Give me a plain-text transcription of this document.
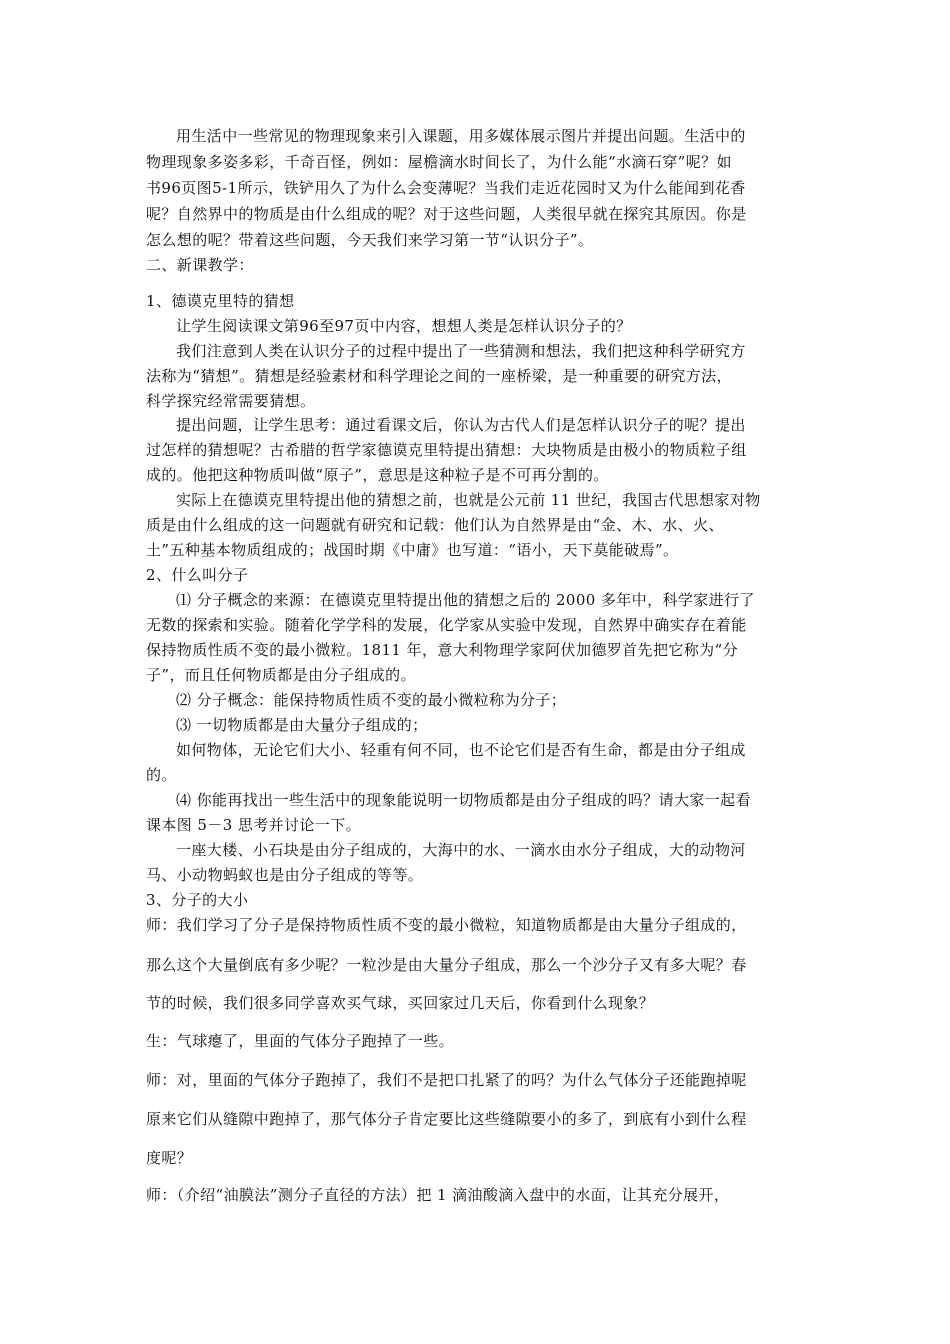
用生活中一些常见的物理现象来引入课题，用多媒体展示图片并提出问题。生活中的
物理现象多姿多彩，千奇百怪，例如：屋檐滴水时间长了，为什么能“水滴石穿”呢？如
书96页图5-1所示，铁铲用久了为什么会变薄呢？当我们走近花园时又为什么能闻到花香
呢？自然界中的物质是由什么组成的呢？对于这些问题，人类很早就在探究其原因。你是
怎么想的呢？带着这些问题，今天我们来学习第一节“认识分子”。
二、新课教学：
1、德谟克里特的猜想
让学生阅读课文第96至97页中内容，想想人类是怎样认识分子的？
我们注意到人类在认识分子的过程中提出了一些猜测和想法，我们把这种科学研究方
法称为“猜想”。猜想是经验素材和科学理论之间的一座桥梁，是一种重要的研究方法，
科学探究经常需要猜想。
提出问题，让学生思考：通过看课文后，你认为古代人们是怎样认识分子的呢？提出
过怎样的猜想呢？古希腊的哲学家德谟克里特提出猜想：大块物质是由极小的物质粒子组
成的。他把这种物质叫做“原子”，意思是这种粒子是不可再分割的。
实际上在德谟克里特提出他的猜想之前，也就是公元前 11 世纪，我国古代思想家对物
质是由什么组成的这一问题就有研究和记载：他们认为自然界是由“金、木、水、火、
土”五种基本物质组成的；战国时期《中庸》也写道：“语小，天下莫能破焉”。
2、什么叫分子
⑴ 分子概念的来源：在德谟克里特提出他的猜想之后的 2000 多年中，科学家进行了
无数的探索和实验。随着化学学科的发展，化学家从实验中发现，自然界中确实存在着能
保持物质性质不变的最小微粒。1811 年，意大利物理学家阿伏加德罗首先把它称为“分
子”，而且任何物质都是由分子组成的。
⑵ 分子概念：能保持物质性质不变的最小微粒称为分子；
⑶ 一切物质都是由大量分子组成的；
如何物体，无论它们大小、轻重有何不同，也不论它们是否有生命，都是由分子组成
的。
⑷ 你能再找出一些生活中的现象能说明一切物质都是由分子组成的吗？请大家一起看
课本图 5－3 思考并讨论一下。
一座大楼、小石块是由分子组成的，大海中的水、一滴水由水分子组成，大的动物河
马、小动物蚂蚁也是由分子组成的等等。
3、分子的大小
师：我们学习了分子是保持物质性质不变的最小微粒，知道物质都是由大量分子组成的，
那么这个大量倒底有多少呢？一粒沙是由大量分子组成，那么一个沙分子又有多大呢？春
节的时候，我们很多同学喜欢买气球，买回家过几天后，你看到什么现象？
生：气球瘪了，里面的气体分子跑掉了一些。
师：对，里面的气体分子跑掉了，我们不是把口扎紧了的吗？为什么气体分子还能跑掉呢
原来它们从缝隙中跑掉了，那气体分子肯定要比这些缝隙要小的多了，到底有小到什么程
度呢？
师：（介绍“油膜法”测分子直径的方法）把 1 滴油酸滴入盘中的水面，让其充分展开，
